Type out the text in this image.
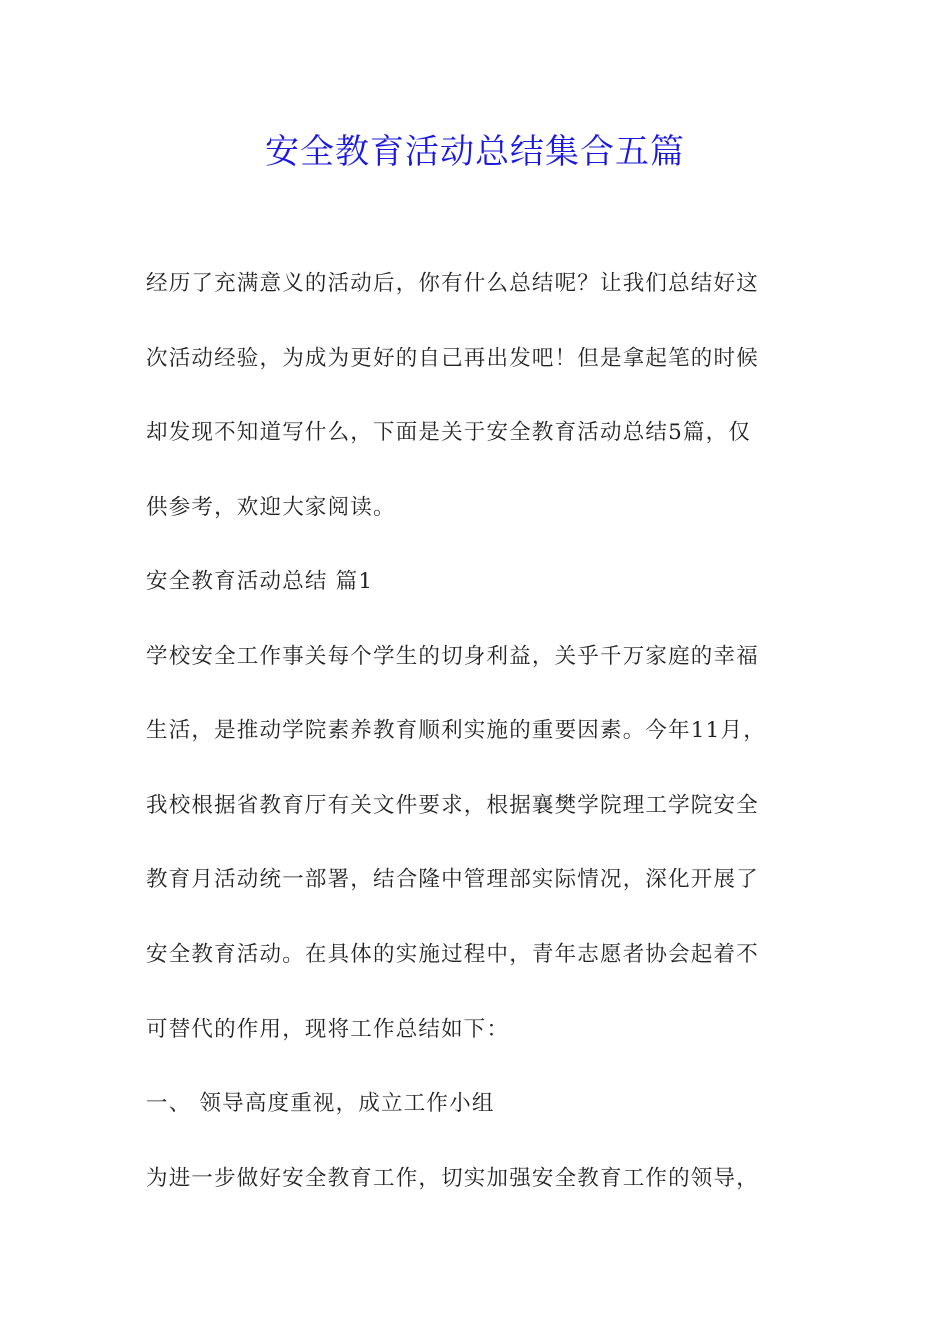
安全教育活动总结集合五篇

经历了充满意义的活动后，你有什么总结呢？让我们总结好这

次活动经验，为成为更好的自己再出发吧！但是拿起笔的时候

却发现不知道写什么，下面是关于安全教育活动总结5篇，仅

供参考，欢迎大家阅读。

安全教育活动总结 篇1

学校安全工作事关每个学生的切身利益，关乎千万家庭的幸福

生活，是推动学院素养教育顺利实施的重要因素。今年11月，

我校根据省教育厅有关文件要求，根据襄樊学院理工学院安全

教育月活动统一部署，结合隆中管理部实际情况，深化开展了

安全教育活动。在具体的实施过程中，青年志愿者协会起着不

可替代的作用，现将工作总结如下：

一、 领导高度重视，成立工作小组

为进一步做好安全教育工作，切实加强安全教育工作的领导，
